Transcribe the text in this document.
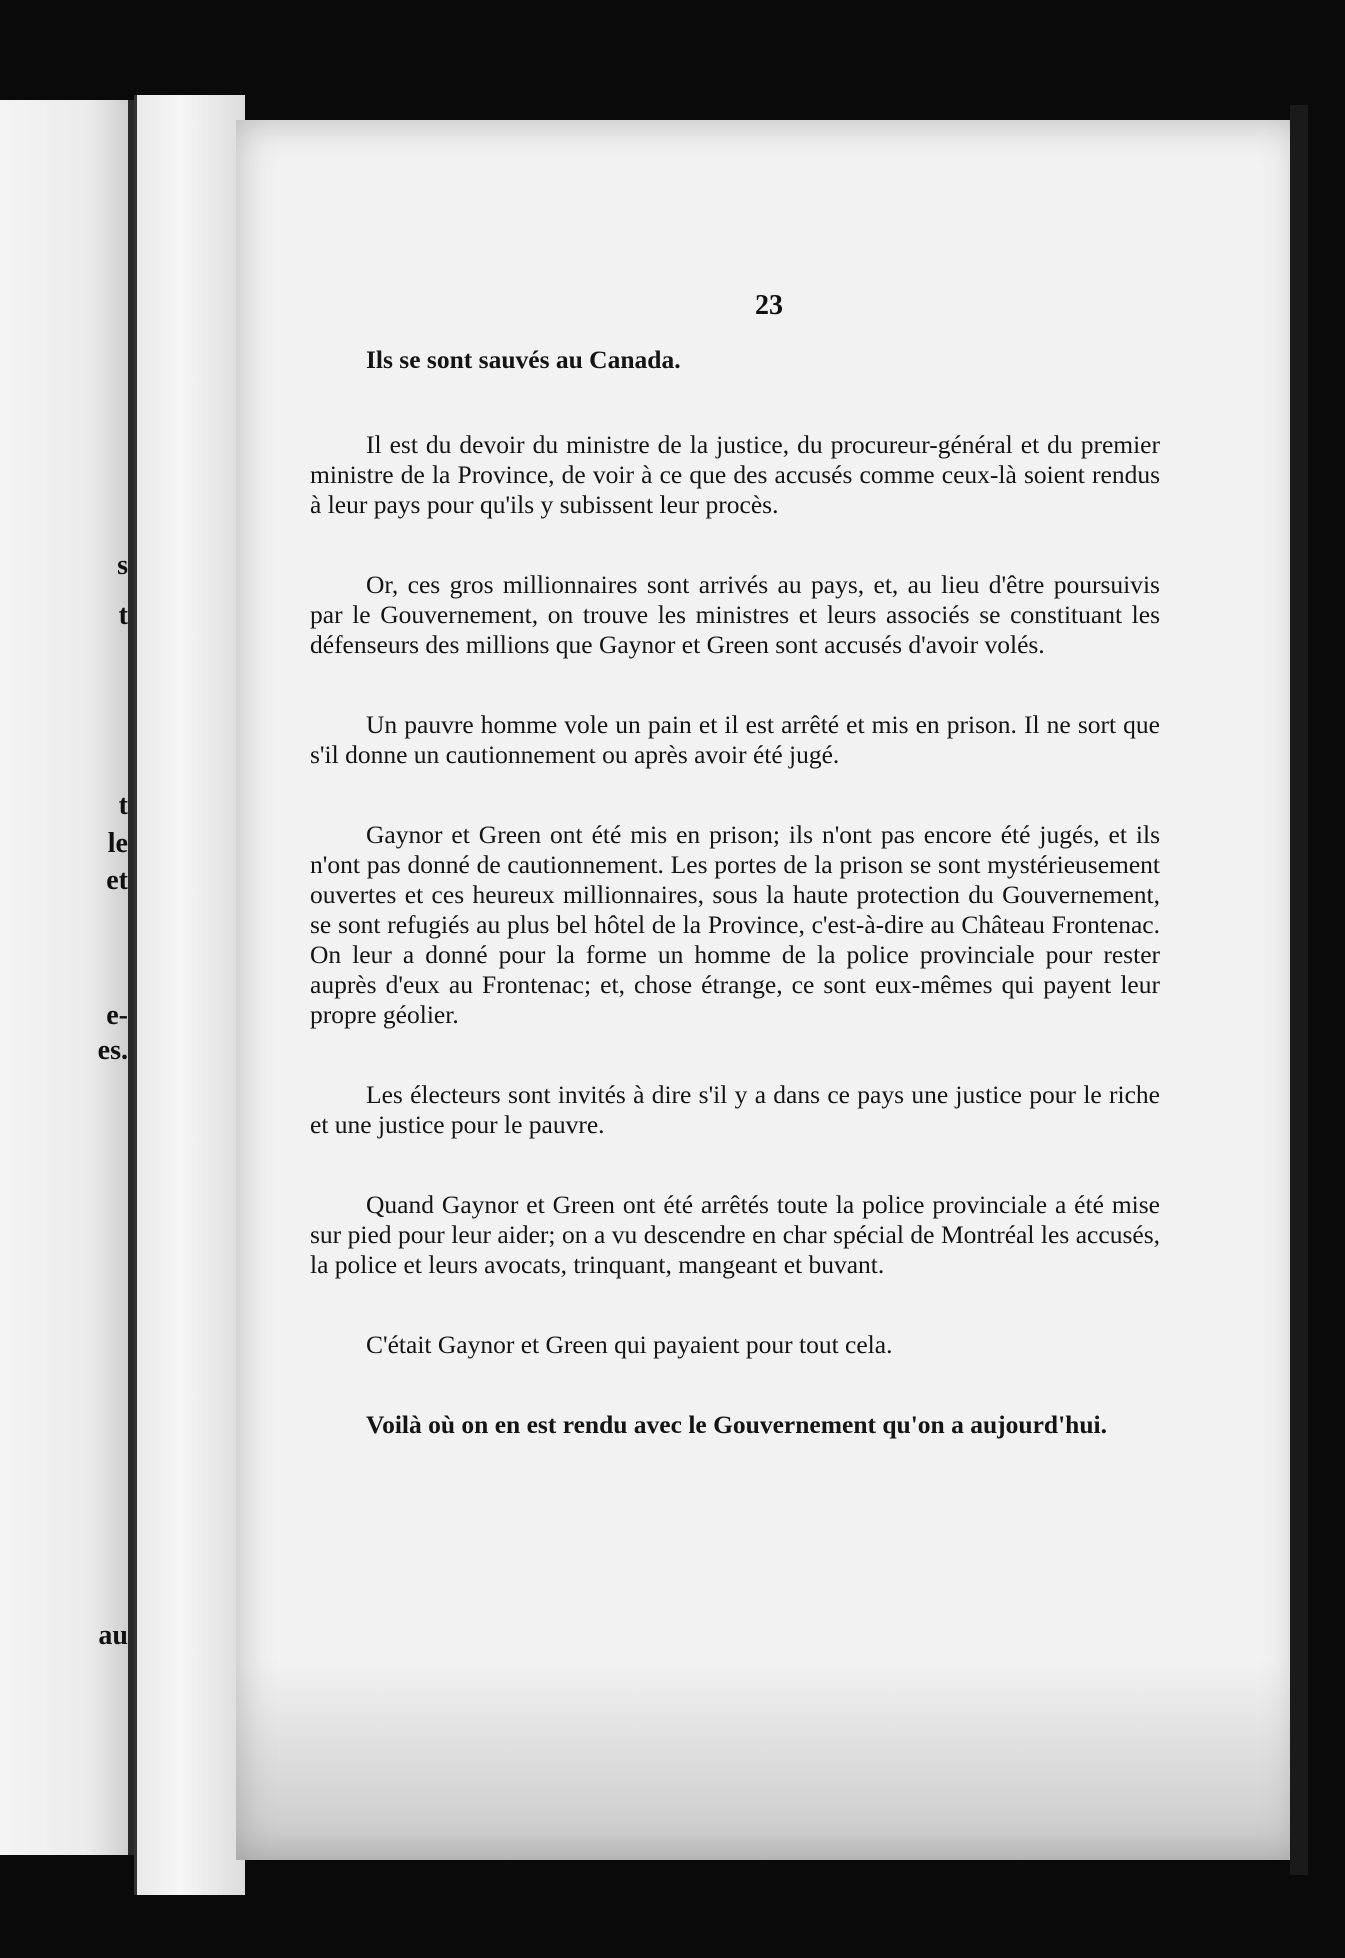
s
t
t
le
et
e-
es.
au
23

Ils se sont sauvés au Canada.

Il est du devoir du ministre de la justice, du procureur-général et du premier ministre de la Province, de voir à ce que des accusés comme ceux-là soient rendus à leur pays pour qu'ils y subissent leur procès.

Or, ces gros millionnaires sont arrivés au pays, et, au lieu d'être poursuivis par le Gouvernement, on trouve les ministres et leurs associés se constituant les défenseurs des millions que Gaynor et Green sont accusés d'avoir volés.

Un pauvre homme vole un pain et il est arrêté et mis en prison. Il ne sort que s'il donne un cautionnement ou après avoir été jugé.

Gaynor et Green ont été mis en prison; ils n'ont pas encore été jugés, et ils n'ont pas donné de cautionnement. Les portes de la prison se sont mystérieusement ouvertes et ces heureux millionnaires, sous la haute protection du Gouvernement, se sont refugiés au plus bel hôtel de la Province, c'est-à-dire au Château Frontenac. On leur a donné pour la forme un homme de la police provinciale pour rester auprès d'eux au Frontenac; et, chose étrange, ce sont eux-mêmes qui payent leur propre géolier.

Les électeurs sont invités à dire s'il y a dans ce pays une justice pour le riche et une justice pour le pauvre.

Quand Gaynor et Green ont été arrêtés toute la police provinciale a été mise sur pied pour leur aider; on a vu descendre en char spécial de Montréal les accusés, la police et leurs avocats, trinquant, mangeant et buvant.

C'était Gaynor et Green qui payaient pour tout cela.

Voilà où on en est rendu avec le Gouvernement qu'on a aujourd'hui.
